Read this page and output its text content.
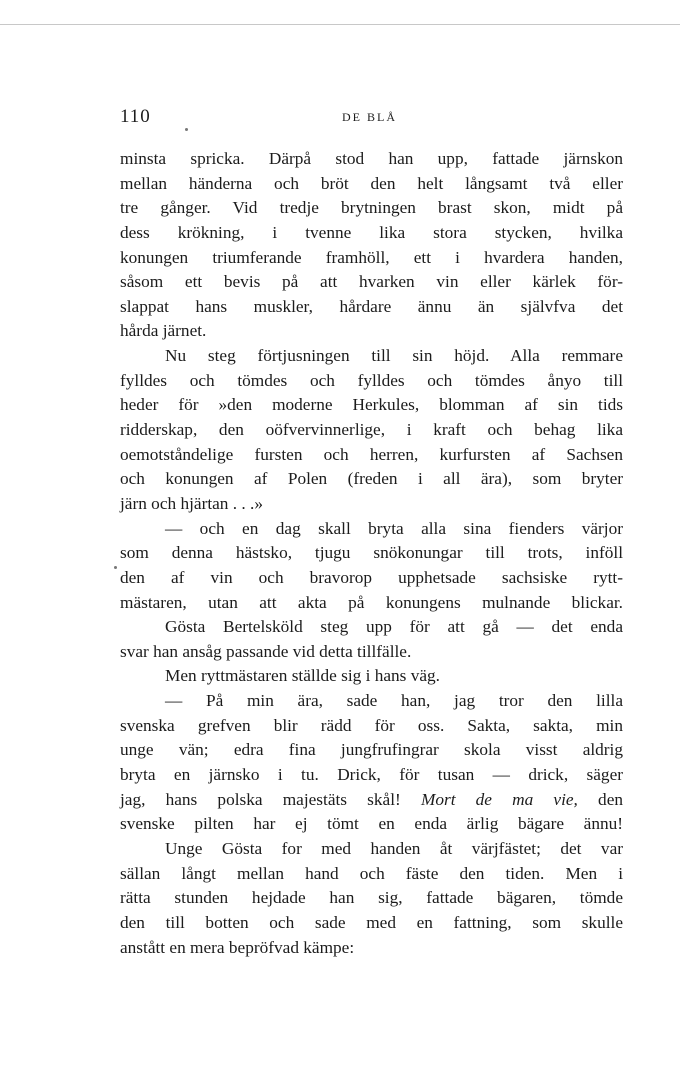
110	DE BLÅ
minsta spricka. Därpå stod han upp, fattade järnskon
mellan händerna och bröt den helt långsamt två eller
tre gånger. Vid tredje brytningen brast skon, midt på
dess krökning, i tvenne lika stora stycken, hvilka
konungen triumferande framhöll, ett i hvardera handen,
såsom ett bevis på att hvarken vin eller kärlek för-
slappat hans muskler, hårdare ännu än självfva det
hårda järnet.
Nu steg förtjusningen till sin höjd. Alla remmare
fylldes och tömdes och fylldes och tömdes ånyo till
heder för »den moderne Herkules, blomman af sin tids
ridderskap, den oöfvervinnerlige, i kraft och behag lika
oemotståndelige fursten och herren, kurfursten af Sachsen
och konungen af Polen (freden i all ära), som bryter
järn och hjärtan . . .»
— och en dag skall bryta alla sina fienders värjor
som denna hästsko, tjugu snökonungar till trots, inföll
den af vin och bravorop upphetsade sachsiske rytt-
mästaren, utan att akta på konungens mulnande blickar.
Gösta Bertelsköld steg upp för att gå — det enda
svar han ansåg passande vid detta tillfälle.
Men ryttmästaren ställde sig i hans väg.
— På min ära, sade han, jag tror den lilla
svenska grefven blir rädd för oss. Sakta, sakta, min
unge vän; edra fina jungfrufingrar skola visst aldrig
bryta en järnsko i tu. Drick, för tusan — drick, säger
jag, hans polska majestäts skål! Mort de ma vie, den
svenske pilten har ej tömt en enda ärlig bägare ännu!
Unge Gösta for med handen åt värjfästet; det var
sällan långt mellan hand och fäste den tiden. Men i
rätta stunden hejdade han sig, fattade bägaren, tömde
den till botten och sade med en fattning, som skulle
anstått en mera bepröfvad kämpe:
